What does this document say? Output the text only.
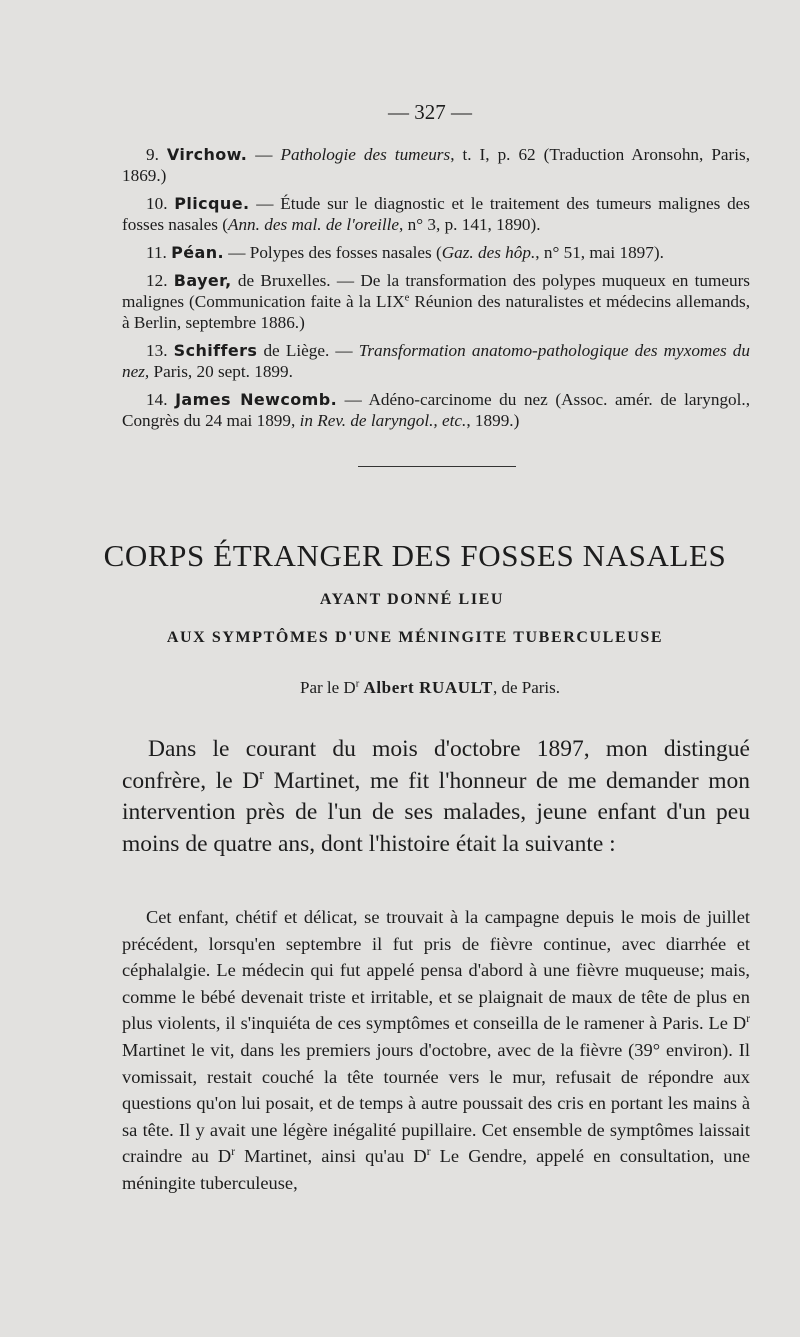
— 327 —

9. Virchow. — Pathologie des tumeurs, t. I, p. 62 (Traduction Aronsohn, Paris, 1869.)

10. Plicque. — Étude sur le diagnostic et le traitement des tumeurs malignes des fosses nasales (Ann. des mal. de l'oreille, n° 3, p. 141, 1890).

11. Péan. — Polypes des fosses nasales (Gaz. des hôp., n° 51, mai 1897).

12. Bayer, de Bruxelles. — De la transformation des polypes muqueux en tumeurs malignes (Communication faite à la LIXe Réunion des naturalistes et médecins allemands, à Berlin, septembre 1886.)

13. Schiffers de Liège. — Transformation anatomo-pathologique des myxomes du nez, Paris, 20 sept. 1899.

14. James Newcomb. — Adéno-carcinome du nez (Assoc. amér. de laryngol., Congrès du 24 mai 1899, in Rev. de laryngol., etc., 1899.)

CORPS ÉTRANGER DES FOSSES NASALES
AYANT DONNÉ LIEU
AUX SYMPTÔMES D'UNE MÉNINGITE TUBERCULEUSE
Par le $D^r$ Albert RUAULT, de Paris.

Dans le courant du mois d'octobre 1897, mon distingué confrère, le $D^r$ Martinet, me fit l'honneur de me demander mon intervention près de l'un de ses malades, jeune enfant d'un peu moins de quatre ans, dont l'histoire était la suivante :

Cet enfant, chétif et délicat, se trouvait à la campagne depuis le mois de juillet précédent, lorsqu'en septembre il fut pris de fièvre continue, avec diarrhée et céphalalgie. Le médecin qui fut appelé pensa d'abord à une fièvre muqueuse; mais, comme le bébé devenait triste et irritable, et se plaignait de maux de tête de plus en plus violents, il s'inquiéta de ces symptômes et conseilla de le ramener à Paris. Le $D^r$ Martinet le vit, dans les premiers jours d'octobre, avec de la fièvre (39° environ). Il vomissait, restait couché la tête tournée vers le mur, refusait de répondre aux questions qu'on lui posait, et de temps à autre poussait des cris en portant les mains à sa tête. Il y avait une légère inégalité pupillaire. Cet ensemble de symptômes laissait craindre au $D^r$ Martinet, ainsi qu'au $D^r$ Le Gendre, appelé en consultation, une méningite tuberculeuse,
